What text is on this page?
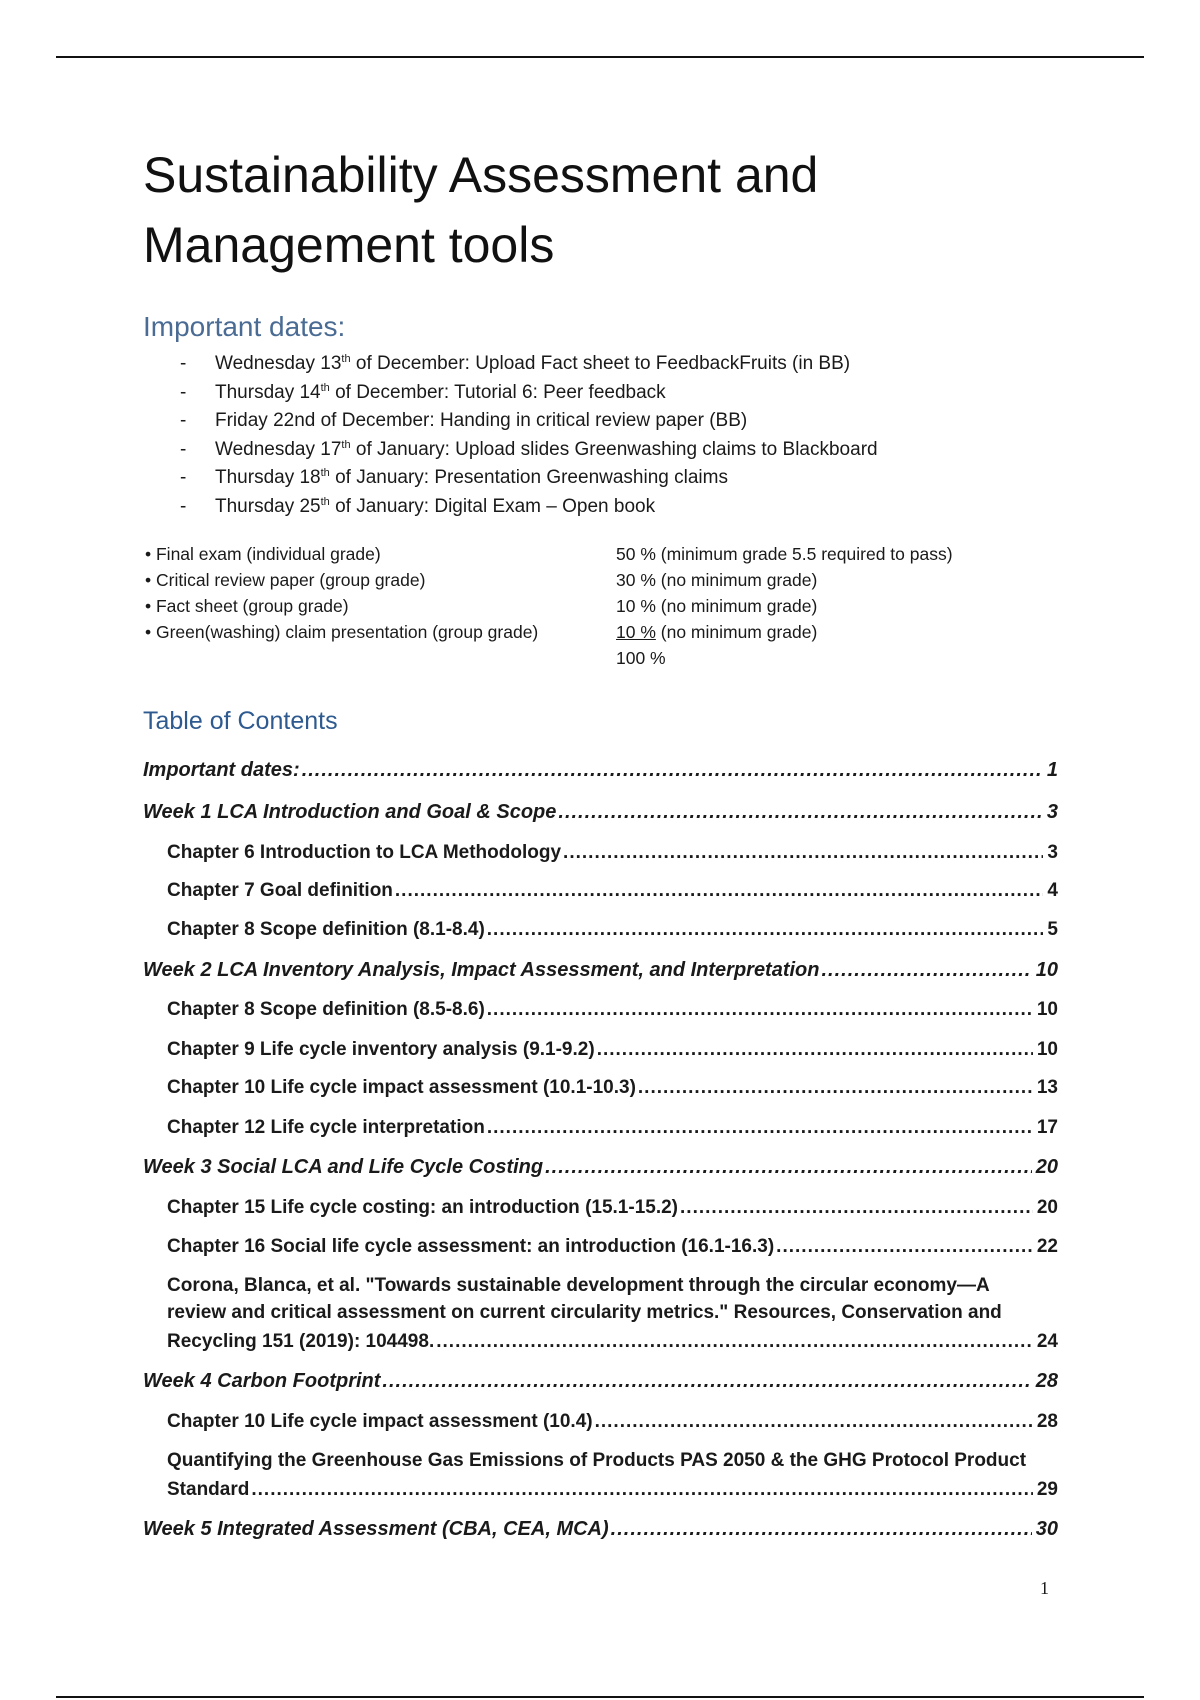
Sustainability Assessment and
Management tools
Important dates:
- Wednesday 13th of December: Upload Fact sheet to FeedbackFruits (in BB)
- Thursday 14th of December: Tutorial 6: Peer feedback
- Friday 22nd of December: Handing in critical review paper (BB)
- Wednesday 17th of January: Upload slides Greenwashing claims to Blackboard
- Thursday 18th of January: Presentation Greenwashing claims
- Thursday 25th of January: Digital Exam – Open book
• Final exam (individual grade)	50 % (minimum grade 5.5 required to pass)
• Critical review paper (group grade)	30 % (no minimum grade)
• Fact sheet (group grade)	10 % (no minimum grade)
• Green(washing) claim presentation (group grade)	10 % (no minimum grade)
100 %
Table of Contents
Important dates: .....	1
Week 1 LCA Introduction and Goal & Scope .....	3
Chapter 6 Introduction to LCA Methodology .....	3
Chapter 7 Goal definition .....	4
Chapter 8 Scope definition (8.1-8.4) .....	5
Week 2 LCA Inventory Analysis, Impact Assessment, and Interpretation .....	10
Chapter 8 Scope definition (8.5-8.6) .....	10
Chapter 9 Life cycle inventory analysis (9.1-9.2) .....	10
Chapter 10 Life cycle impact assessment (10.1-10.3) .....	13
Chapter 12 Life cycle interpretation .....	17
Week 3 Social LCA and Life Cycle Costing .....	20
Chapter 15 Life cycle costing: an introduction (15.1-15.2) .....	20
Chapter 16 Social life cycle assessment: an introduction (16.1-16.3) .....	22
Corona, Blanca, et al. "Towards sustainable development through the circular economy—A
review and critical assessment on current circularity metrics." Resources, Conservation and
Recycling 151 (2019): 104498. .....	24
Week 4 Carbon Footprint .....	28
Chapter 10 Life cycle impact assessment (10.4) .....	28
Quantifying the Greenhouse Gas Emissions of Products PAS 2050 & the GHG Protocol Product
Standard .....	29
Week 5 Integrated Assessment (CBA, CEA, MCA) .....	30
1
